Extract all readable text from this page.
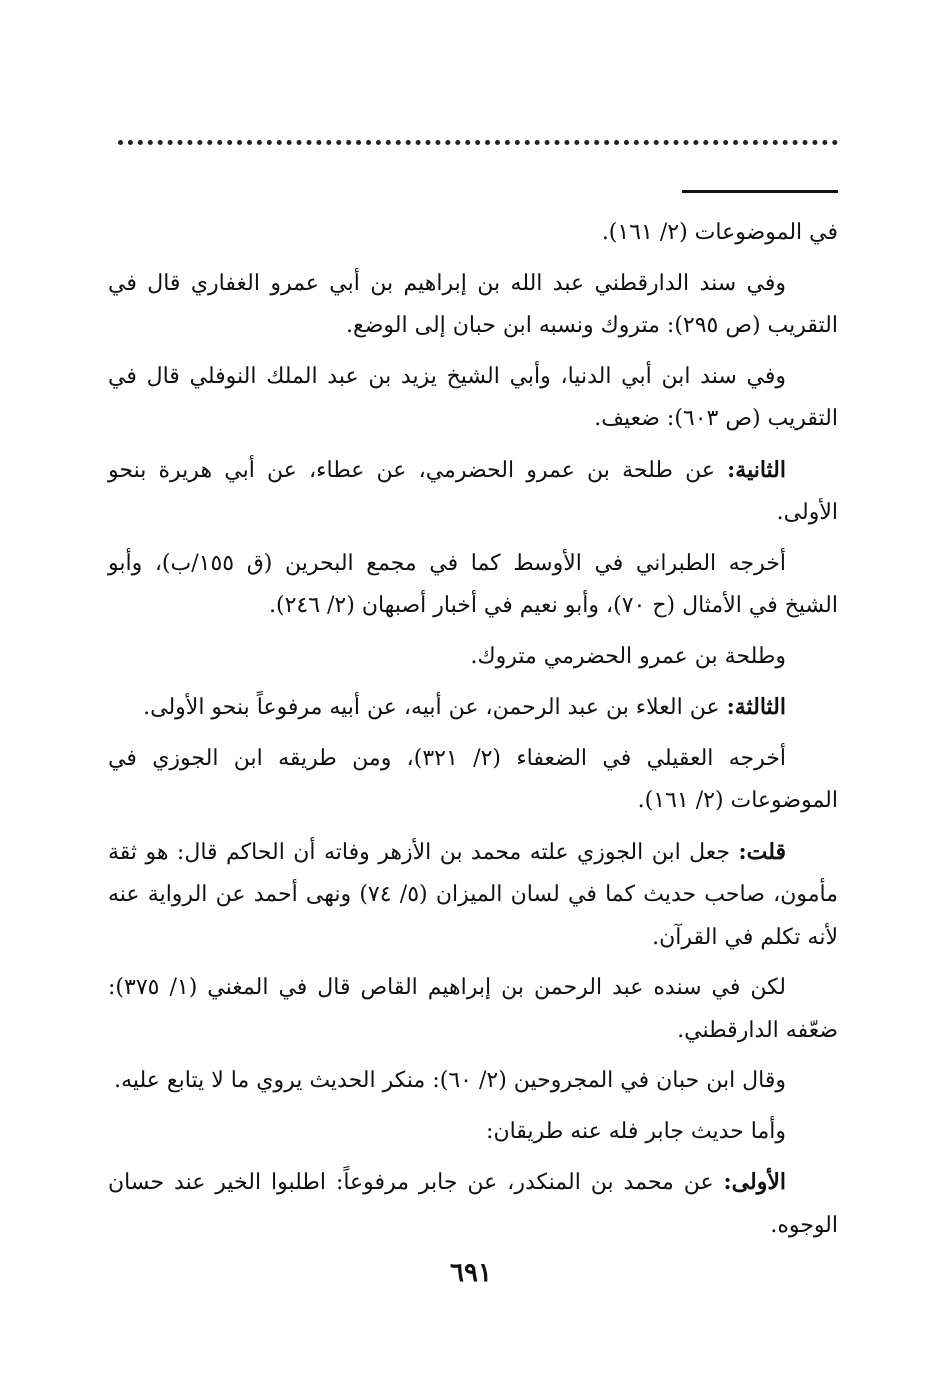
في الموضوعات (٢/ ١٦١).

وفي سند الدارقطني عبد الله بن إبراهيم بن أبي عمرو الغفاري قال في التقريب (ص ٢٩٥): متروك ونسبه ابن حبان إلى الوضع.

وفي سند ابن أبي الدنيا، وأبي الشيخ يزيد بن عبد الملك النوفلي قال في التقريب (ص ٦٠٣): ضعيف.

الثانية: عن طلحة بن عمرو الحضرمي، عن عطاء، عن أبي هريرة بنحو الأولى.

أخرجه الطبراني في الأوسط كما في مجمع البحرين (ق ١٥٥/ب)، وأبو الشيخ في الأمثال (ح ٧٠)، وأبو نعيم في أخبار أصبهان (٢/ ٢٤٦).

وطلحة بن عمرو الحضرمي متروك.

الثالثة: عن العلاء بن عبد الرحمن، عن أبيه، عن أبيه مرفوعاً بنحو الأولى.

أخرجه العقيلي في الضعفاء (٢/ ٣٢١)، ومن طريقه ابن الجوزي في الموضوعات (٢/ ١٦١).

قلت: جعل ابن الجوزي علته محمد بن الأزهر وفاته أن الحاكم قال: هو ثقة مأمون، صاحب حديث كما في لسان الميزان (٥/ ٧٤) ونهى أحمد عن الرواية عنه لأنه تكلم في القرآن.

لكن في سنده عبد الرحمن بن إبراهيم القاص قال في المغني (١/ ٣٧٥): ضعّفه الدارقطني.

وقال ابن حبان في المجروحين (٢/ ٦٠): منكر الحديث يروي ما لا يتابع عليه.

وأما حديث جابر فله عنه طريقان:

الأولى: عن محمد بن المنكدر، عن جابر مرفوعاً: اطلبوا الخير عند حسان الوجوه.

٦٩١
